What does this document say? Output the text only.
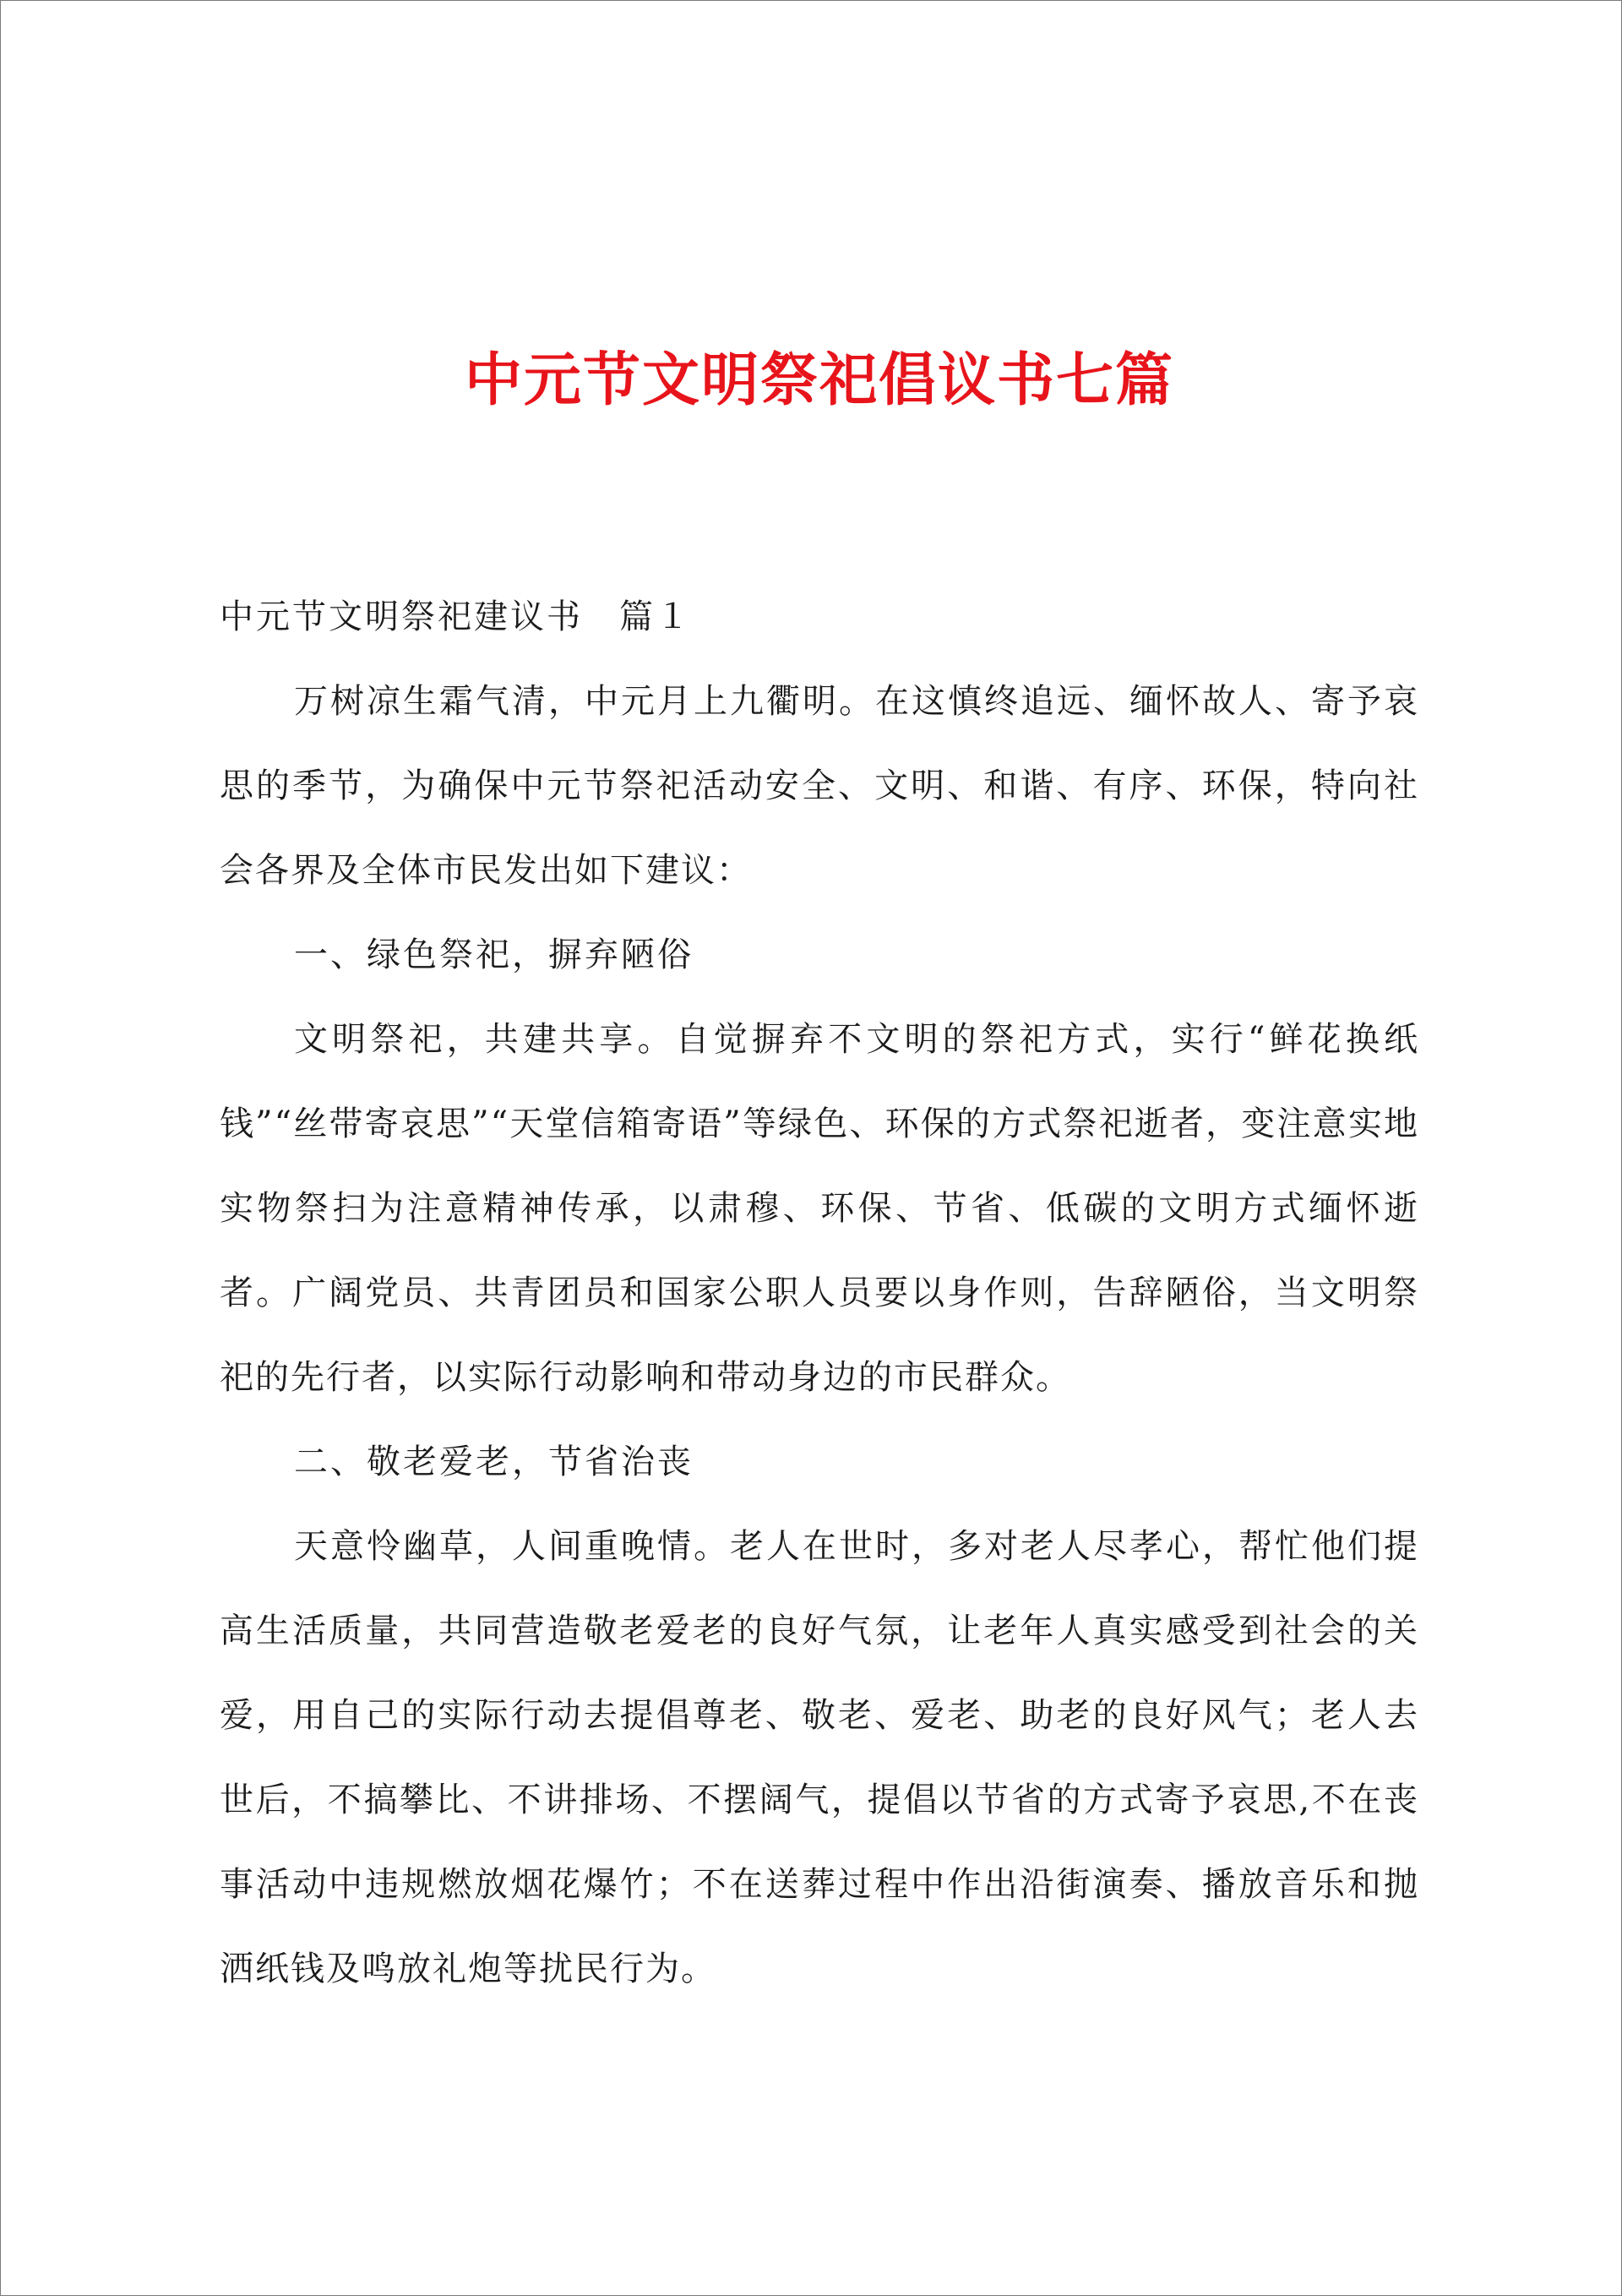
中元节文明祭祀倡议书七篇
中元节文明祭祀建议书　篇１

万树凉生霜气清，中元月上九衢明。在这慎终追远、缅怀故人、寄予哀思的季节，为确保中元节祭祀活动安全、文明、和谐、有序、环保，特向社会各界及全体市民发出如下建议：

一、绿色祭祀，摒弃陋俗

文明祭祀，共建共享。自觉摒弃不文明的祭祀方式，实行“鲜花换纸钱”“丝带寄哀思”“天堂信箱寄语”等绿色、环保的方式祭祀逝者，变注意实地实物祭扫为注意精神传承，以肃穆、环保、节省、低碳的文明方式缅怀逝者。广阔党员、共青团员和国家公职人员要以身作则，告辞陋俗，当文明祭祀的先行者，以实际行动影响和带动身边的市民群众。

二、敬老爱老，节省治丧

天意怜幽草，人间重晚情。老人在世时，多对老人尽孝心，帮忙他们提高生活质量，共同营造敬老爱老的良好气氛，让老年人真实感受到社会的关爱，用自己的实际行动去提倡尊老、敬老、爱老、助老的良好风气；老人去世后，不搞攀比、不讲排场、不摆阔气，提倡以节省的方式寄予哀思,不在丧事活动中违规燃放烟花爆竹；不在送葬过程中作出沿街演奏、播放音乐和抛洒纸钱及鸣放礼炮等扰民行为。
